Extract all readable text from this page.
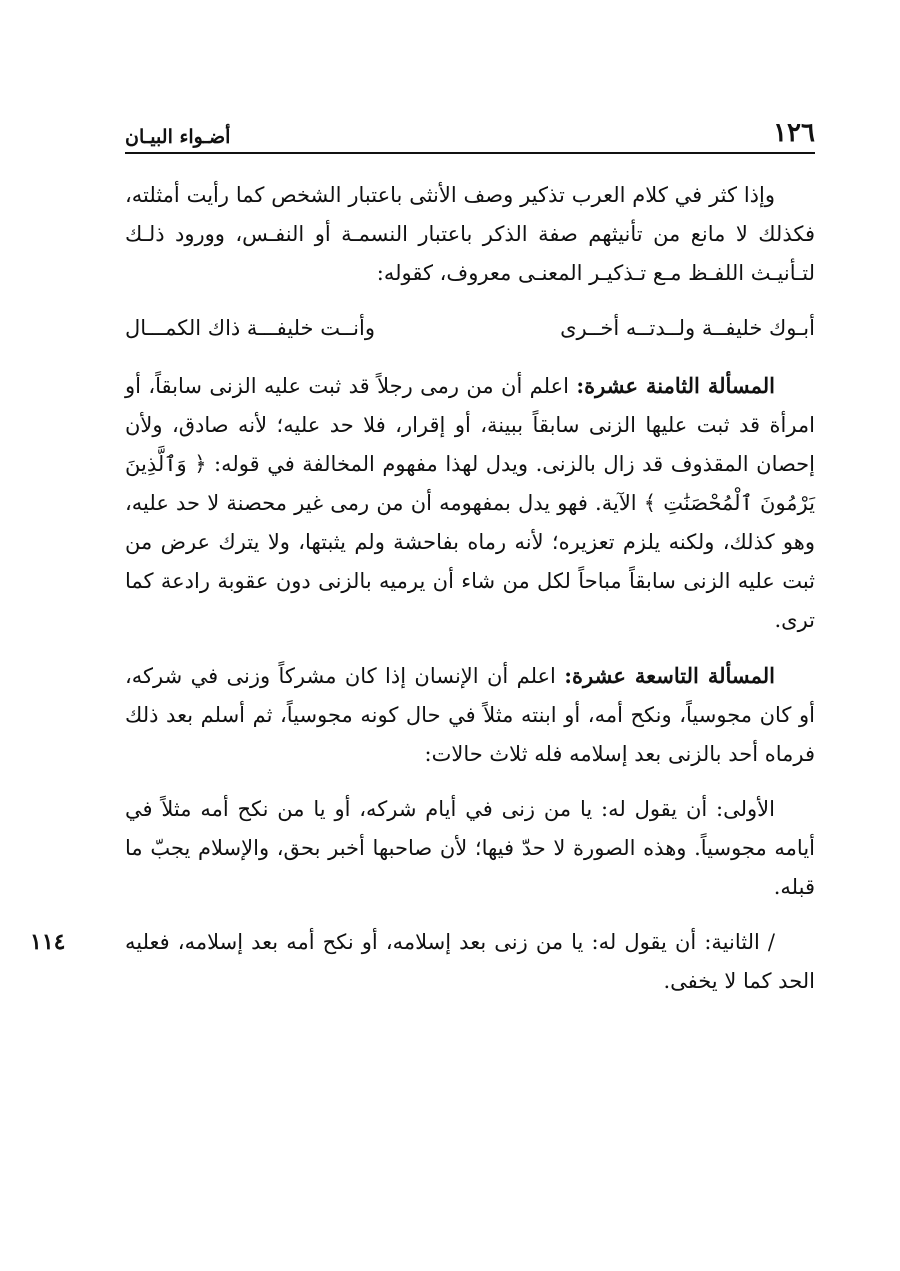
١٢٦
أضـواء البيـان

وإذا كثر في كلام العرب تذكير وصف الأنثى باعتبار الشخص كما رأيت أمثلته، فكذلك لا مانع من تأنيثهم صفة الذكر باعتبار النسمـة أو النفـس، وورود ذلـك لتـأنيـث اللفـظ مـع تـذكيـر المعنـى معروف، كقوله:

أبـوك خليفــة ولــدتــه أخــرى
وأنــت خليفـــة ذاك الكمـــال

المسألة الثامنة عشرة: اعلم أن من رمى رجلاً قد ثبت عليه الزنى سابقاً، أو امرأة قد ثبت عليها الزنى سابقاً ببينة، أو إقرار، فلا حد عليه؛ لأنه صادق، ولأن إحصان المقذوف قد زال بالزنى. ويدل لهذا مفهوم المخالفة في قوله: ﴿ وَٱلَّذِينَ يَرْمُونَ ٱلْمُحْصَنَٰتِ ﴾ الآية. فهو يدل بمفهومه أن من رمى غير محصنة لا حد عليه، وهو كذلك، ولكنه يلزم تعزيره؛ لأنه رماه بفاحشة ولم يثبتها، ولا يترك عرض من ثبت عليه الزنى سابقاً مباحاً لكل من شاء أن يرميه بالزنى دون عقوبة رادعة كما ترى.

المسألة التاسعة عشرة: اعلم أن الإنسان إذا كان مشركاً وزنى في شركه، أو كان مجوسياً، ونكح أمه، أو ابنته مثلاً في حال كونه مجوسياً، ثم أسلم بعد ذلك فرماه أحد بالزنى بعد إسلامه فله ثلاث حالات:

الأولى: أن يقول له: يا من زنى في أيام شركه، أو يا من نكح أمه مثلاً في أيامه مجوسياً. وهذه الصورة لا حدّ فيها؛ لأن صاحبها أخبر بحق، والإسلام يجبّ ما قبله.

١١٤	/ الثانية: أن يقول له: يا من زنى بعد إسلامه، أو نكح أمه بعد إسلامه، فعليه الحد كما لا يخفى.
